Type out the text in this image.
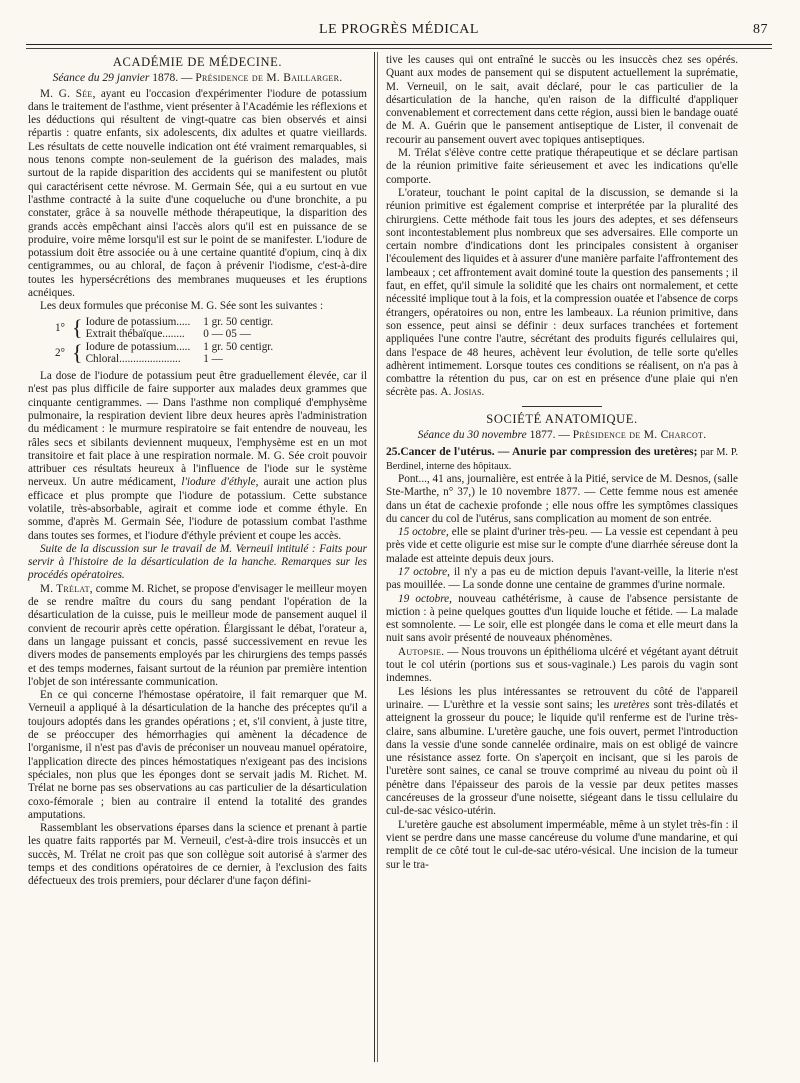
LE PROGRÈS MÉDICAL	87
ACADÉMIE DE MÉDECINE.
Séance du 29 janvier 1878. — Présidence de M. Baillarger.

M. G. Sée, ayant eu l'occasion d'expérimenter l'iodure de potassium dans le traitement de l'asthme, vient présenter à l'Académie les réflexions et les déductions qui résultent de vingt-quatre cas bien observés et ainsi répartis : quatre enfants, six adolescents, dix adultes et quatre vieillards. Les résultats de cette nouvelle indication ont été vraiment remarquables, si nous tenons compte non-seulement de la guérison des malades, mais surtout de la rapide disparition des accidents qui se manifestent ou plutôt qui caractérisent cette névrose. M. Germain Sée, qui a eu surtout en vue l'asthme contracté à la suite d'une coqueluche ou d'une bronchite, a pu constater, grâce à sa nouvelle méthode thérapeutique, la disparition des grands accès empêchant ainsi l'accès alors qu'il est en puissance de se produire, voire même lorsqu'il est sur le point de se manifester. L'iodure de potassium doit être associée ou à une certaine quantité d'opium, cinq à dix centigrammes, ou au chloral, de façon à prévenir l'iodisme, c'est-à-dire toutes les hypersécrétions des membranes muqueuses et les éruptions acnéiques.

Les deux formules que préconise M. G. Sée sont les suivantes :

1°	{	Iodure de potassium.....	1 gr. 50 centigr.
		Extrait thébaïque........	0 — 05 —
2°	{	Iodure de potassium.....	1 gr. 50 centigr.
		Chloral......................	1 —

La dose de l'iodure de potassium peut être graduellement élevée, car il n'est pas plus difficile de faire supporter aux malades deux grammes que cinquante centigrammes. — Dans l'asthme non compliqué d'emphysème pulmonaire, la respiration devient libre deux heures après l'administration du médicament : le murmure respiratoire se fait entendre de nouveau, les râles secs et sibilants deviennent muqueux, l'emphysème est en un mot transitoire et fait place à une respiration normale. M. G. Sée croit pouvoir attribuer ces résultats heureux à l'influence de l'iode sur le système nerveux. Un autre médicament, l'iodure d'éthyle, aurait une action plus efficace et plus prompte que l'iodure de potassium. Cette substance volatile, très-absorbable, agirait et comme iode et comme éthyle. En somme, d'après M. Germain Sée, l'iodure de potassium combat l'asthme dans toutes ses formes, et l'iodure d'éthyle prévient et coupe les accès.

Suite de la discussion sur le travail de M. Verneuil intitulé : Faits pour servir à l'histoire de la désarticulation de la hanche. Remarques sur les procédés opératoires.

M. Trélat, comme M. Richet, se propose d'envisager le meilleur moyen de se rendre maître du cours du sang pendant l'opération de la désarticulation de la cuisse, puis le meilleur mode de pansement auquel il convient de recourir après cette opération. Élargissant le débat, l'orateur a, dans un langage puissant et concis, passé successivement en revue les divers modes de pansements employés par les chirurgiens des temps passés et des temps modernes, faisant surtout de la réunion par première intention l'objet de son intéressante communication.

En ce qui concerne l'hémostase opératoire, il fait remarquer que M. Verneuil a appliqué à la désarticulation de la hanche des préceptes qu'il a toujours adoptés dans les grandes opérations ; et, s'il convient, à juste titre, de se préoccuper des hémorrhagies qui amènent la décadence de l'organisme, il n'est pas d'avis de préconiser un nouveau manuel opératoire, l'application directe des pinces hémostatiques n'exigeant pas des incisions spéciales, non plus que les éponges dont se servait jadis M. Richet. M. Trélat ne borne pas ses observations au cas particulier de la désarticulation coxo-fémorale ; bien au contraire il entend la totalité des grandes amputations.

Rassemblant les observations éparses dans la science et prenant à partie les quatre faits rapportés par M. Verneuil, c'est-à-dire trois insuccès et un succès, M. Trélat ne croit pas que son collègue soit autorisé à s'armer des temps et des conditions opératoires de ce dernier, à l'exclusion des faits défectueux des trois premiers, pour déclarer d'une façon défini-

tive les causes qui ont entraîné le succès ou les insuccès chez ses opérés. Quant aux modes de pansement qui se disputent actuellement la suprématie, M. Verneuil, on le sait, avait déclaré, pour le cas particulier de la désarticulation de la hanche, qu'en raison de la difficulté d'appliquer convenablement et correctement dans cette région, aussi bien le bandage ouaté de M. A. Guérin que le pansement antiseptique de Lister, il convenait de recourir au pansement ouvert avec topiques antiseptiques.

M. Trélat s'élève contre cette pratique thérapeutique et se déclare partisan de la réunion primitive faite sérieusement et avec les indications qu'elle comporte.

L'orateur, touchant le point capital de la discussion, se demande si la réunion primitive est également comprise et interprétée par la pluralité des chirurgiens. Cette méthode fait tous les jours des adeptes, et ses défenseurs sont incontestablement plus nombreux que ses adversaires. Elle comporte un certain nombre d'indications dont les principales consistent à organiser l'écoulement des liquides et à assurer d'une manière parfaite l'affrontement des lambeaux ; cet affrontement avait dominé toute la question des pansements ; il faut, en effet, qu'il simule la solidité que les chairs ont normalement, et cette nécessité implique tout à la fois, et la compression ouatée et l'absence de corps étrangers, opératoires ou non, entre les lambeaux. La réunion primitive, dans son essence, peut ainsi se définir : deux surfaces tranchées et fortement appliquées l'une contre l'autre, sécrétant des produits figurés cellulaires qui, dans l'espace de 48 heures, achèvent leur évolution, de telle sorte qu'elles adhèrent intimement. Lorsque toutes ces conditions se réalisent, on n'a pas à combattre la rétention du pus, car on est en présence d'une plaie qui n'en sécrète pas. A. Josias.

SOCIÉTÉ ANATOMIQUE.
Séance du 30 novembre 1877. — Présidence de M. Charcot.

25.Cancer de l'utérus. — Anurie par compression des uretères; par M. P. Berdinel, interne des hôpitaux.

Pont..., 41 ans, journalière, est entrée à la Pitié, service de M. Desnos, (salle Ste-Marthe, n° 37,) le 10 novembre 1877. — Cette femme nous est amenée dans un état de cachexie profonde ; elle nous offre les symptômes classiques du cancer du col de l'utérus, sans complication au moment de son entrée.

15 octobre, elle se plaint d'uriner très-peu. — La vessie est cependant à peu près vide et cette oligurie est mise sur le compte d'une diarrhée séreuse dont la malade est atteinte depuis deux jours.

17 octobre, il n'y a pas eu de miction depuis l'avant-veille, la literie n'est pas mouillée. — La sonde donne une centaine de grammes d'urine normale.

19 octobre, nouveau cathétérisme, à cause de l'absence persistante de miction : à peine quelques gouttes d'un liquide louche et fétide. — La malade est somnolente. — Le soir, elle est plongée dans le coma et elle meurt dans la nuit sans avoir présenté de nouveaux phénomènes.

Autopsie. — Nous trouvons un épithélioma ulcéré et végétant ayant détruit tout le col utérin (portions sus et sous-vaginale.) Les parois du vagin sont indemnes.

Les lésions les plus intéressantes se retrouvent du côté de l'appareil urinaire. — L'urèthre et la vessie sont sains; les uretères sont très-dilatés et atteignent la grosseur du pouce; le liquide qu'il renferme est de l'urine très-claire, sans albumine. L'uretère gauche, une fois ouvert, permet l'introduction dans la vessie d'une sonde cannelée ordinaire, mais on est obligé de vaincre une résistance assez forte. On s'aperçoit en incisant, que si les parois de l'uretère sont saines, ce canal se trouve comprimé au niveau du point où il pénètre dans l'épaisseur des parois de la vessie par deux petites masses cancéreuses de la grosseur d'une noisette, siégeant dans le tissu cellulaire du cul-de-sac vésico-utérin.

L'uretère gauche est absolument imperméable, même à un stylet très-fin : il vient se perdre dans une masse cancéreuse du volume d'une mandarine, et qui remplit de ce côté tout le cul-de-sac utéro-vésical. Une incision de la tumeur sur le tra-
